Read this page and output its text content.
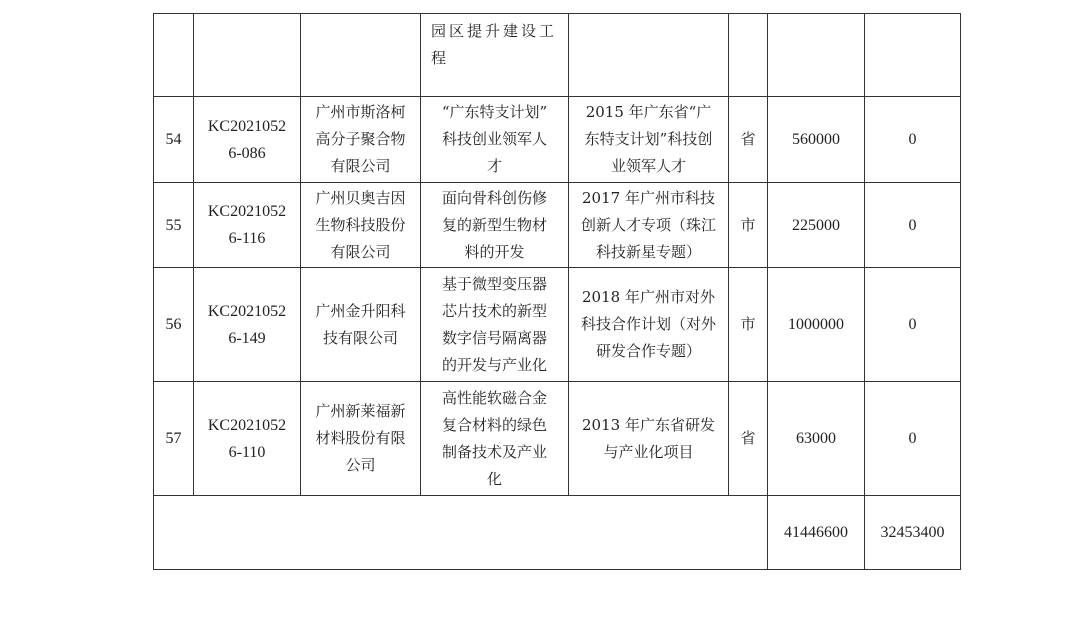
			园区提升建设工
程				

54	KC2021052
6-086	广州市斯洛柯
高分子聚合物
有限公司	“广东特支计划”
科技创业领军人
才	2015 年广东省“广
东特支计划”科技创
业领军人才	省	560000	0
55	KC2021052
6-116	广州贝奥吉因
生物科技股份
有限公司	面向骨科创伤修
复的新型生物材
料的开发	2017 年广州市科技
创新人才专项（珠江
科技新星专题）	市	225000	0
56	KC2021052
6-149	广州金升阳科
技有限公司	基于微型变压器
芯片技术的新型
数字信号隔离器
的开发与产业化	2018 年广州市对外
科技合作计划（对外
研发合作专题）	市	1000000	0
57	KC2021052
6-110	广州新莱福新
材料股份有限
公司	高性能软磁合金
复合材料的绿色
制备技术及产业
化	2013 年广东省研发
与产业化项目	省	63000	0
						41446600	32453400
